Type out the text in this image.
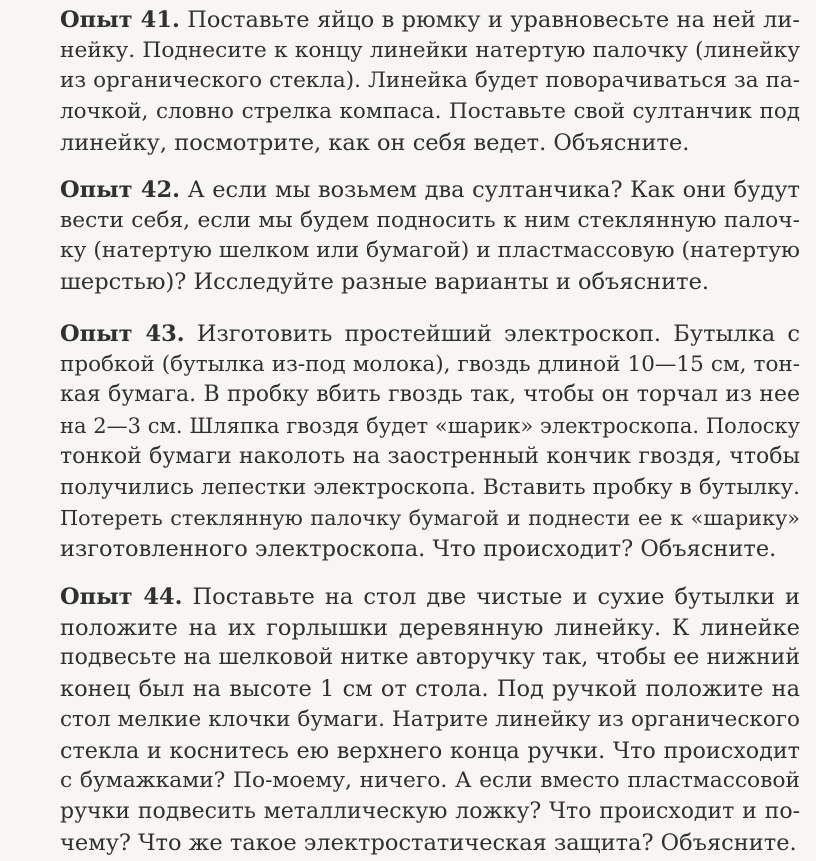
Опыт 41. Поставьте яйцо в рюмку и уравновесьте на ней ли-
нейку. Поднесите к концу линейки натертую палочку (линейку
из органического стекла). Линейка будет поворачиваться за па-
лочкой, словно стрелка компаса. Поставьте свой султанчик под
линейку, посмотрите, как он себя ведет. Объясните.
Опыт 42. А если мы возьмем два султанчика? Как они будут
вести себя, если мы будем подносить к ним стеклянную палоч-
ку (натертую шелком или бумагой) и пластмассовую (натертую
шерстью)? Исследуйте разные варианты и объясните.
Опыт 43. Изготовить простейший электроскоп. Бутылка с
пробкой (бутылка из-под молока), гвоздь длиной 10—15 см, тон-
кая бумага. В пробку вбить гвоздь так, чтобы он торчал из нее
на 2—3 см. Шляпка гвоздя будет «шарик» электроскопа. Полоску
тонкой бумаги наколоть на заостренный кончик гвоздя, чтобы
получились лепестки электроскопа. Вставить пробку в бутылку.
Потереть стеклянную палочку бумагой и поднести ее к «шарику»
изготовленного электроскопа. Что происходит? Объясните.
Опыт 44. Поставьте на стол две чистые и сухие бутылки и
положите на их горлышки деревянную линейку. К линейке
подвесьте на шелковой нитке авторучку так, чтобы ее нижний
конец был на высоте 1 см от стола. Под ручкой положите на
стол мелкие клочки бумаги. Натрите линейку из органического
стекла и коснитесь ею верхнего конца ручки. Что происходит
с бумажками? По-моему, ничего. А если вместо пластмассовой
ручки подвесить металлическую ложку? Что происходит и по-
чему? Что же такое электростатическая защита? Объясните.
